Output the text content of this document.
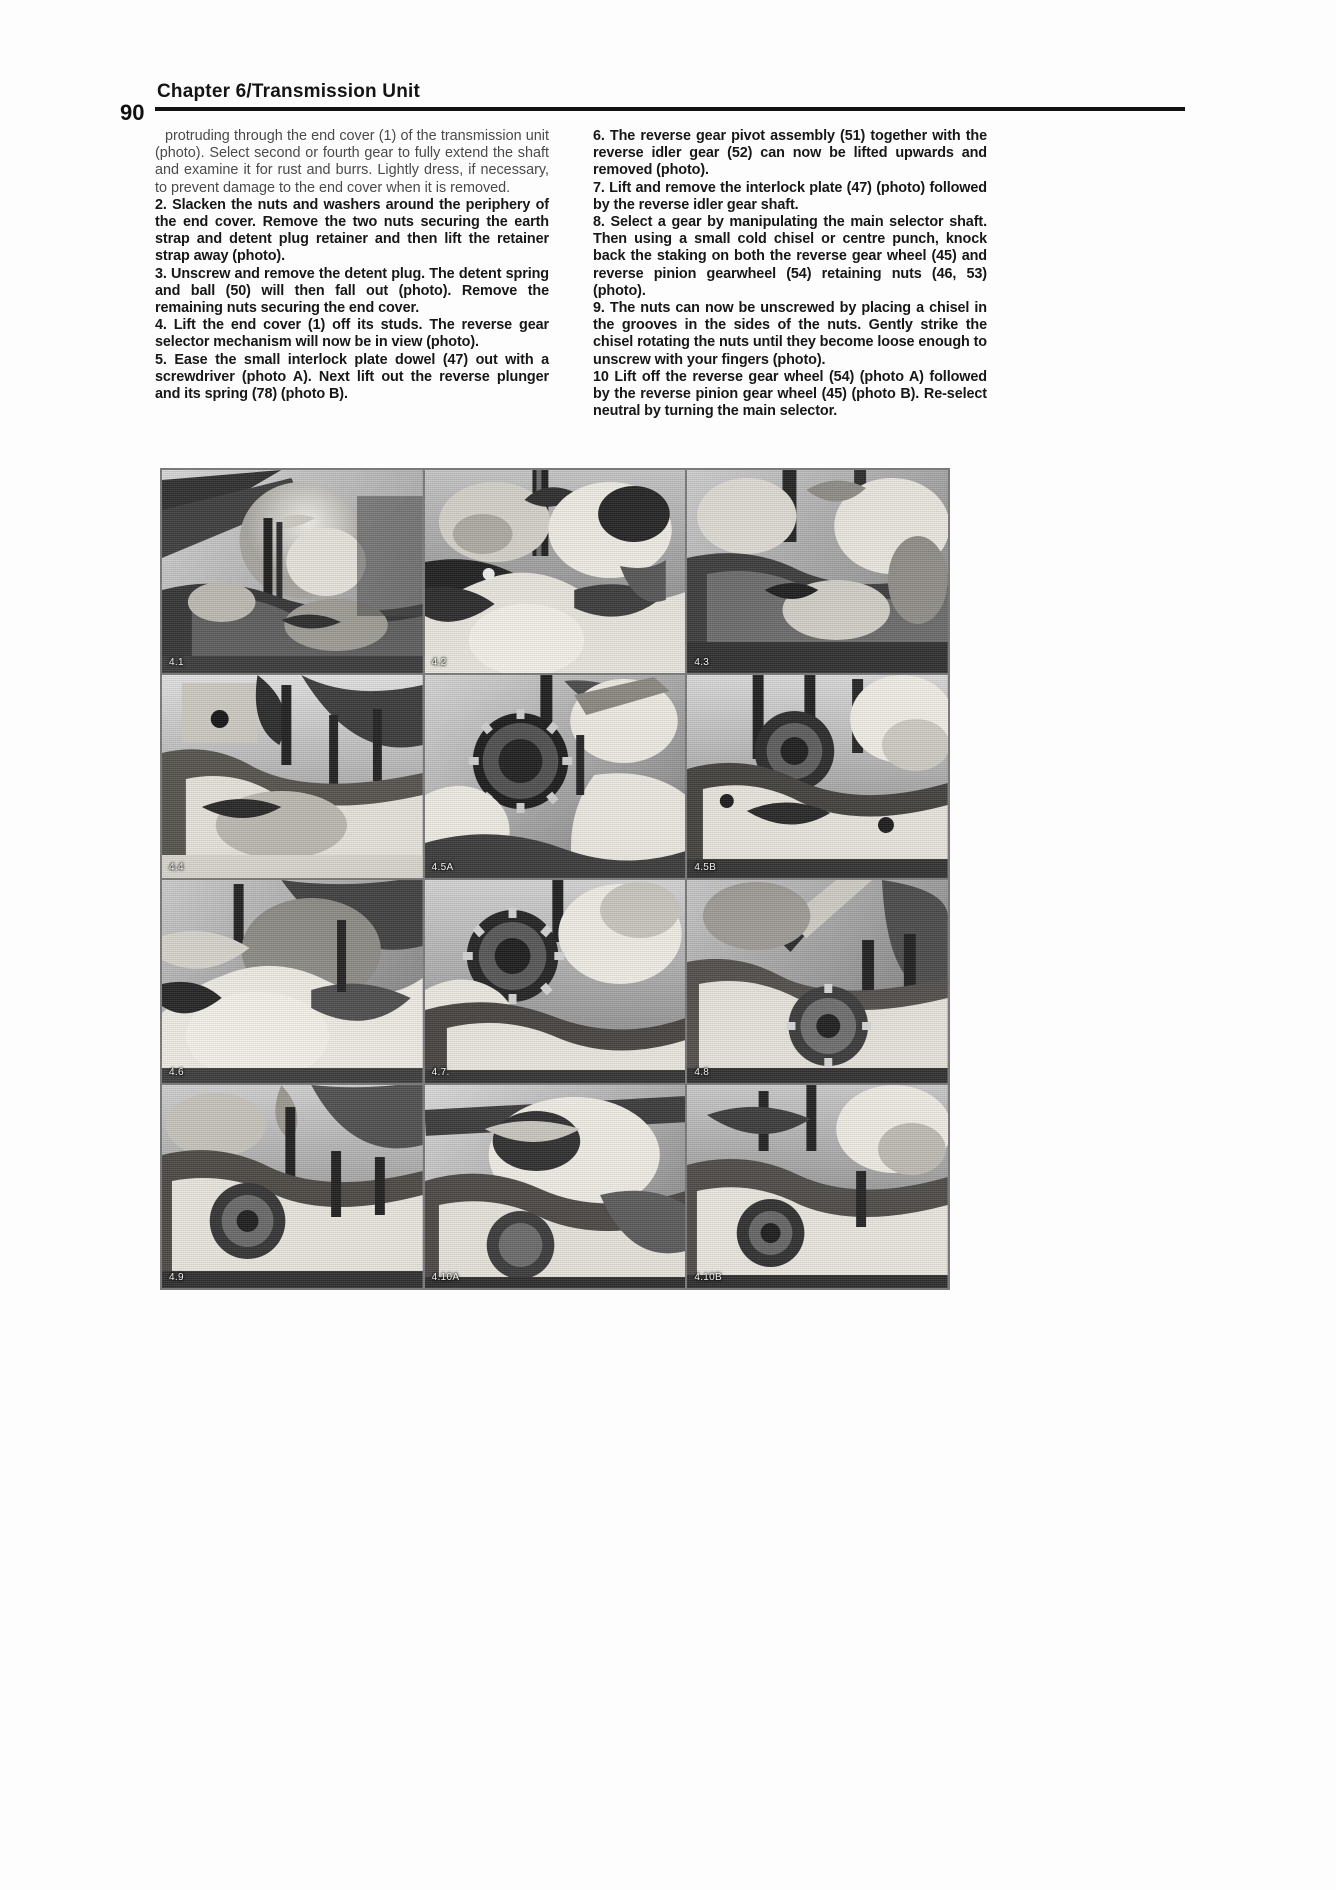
90
Chapter 6/Transmission Unit

protruding through the end cover (1) of the transmission unit (photo). Select second or fourth gear to fully extend the shaft and examine it for rust and burrs. Lightly dress, if necessary, to prevent damage to the end cover when it is removed.

2. Slacken the nuts and washers around the periphery of the end cover. Remove the two nuts securing the earth strap and detent plug retainer and then lift the retainer strap away (photo).

3. Unscrew and remove the detent plug. The detent spring and ball (50) will then fall out (photo). Remove the remaining nuts securing the end cover.

4. Lift the end cover (1) off its studs. The reverse gear selector mechanism will now be in view (photo).

5. Ease the small interlock plate dowel (47) out with a screwdriver (photo A). Next lift out the reverse plunger and its spring (78) (photo B).

6. The reverse gear pivot assembly (51) together with the reverse idler gear (52) can now be lifted upwards and removed (photo).

7. Lift and remove the interlock plate (47) (photo) followed by the reverse idler gear shaft.

8. Select a gear by manipulating the main selector shaft. Then using a small cold chisel or centre punch, knock back the staking on both the reverse gear wheel (45) and reverse pinion gearwheel (54) retaining nuts (46, 53) (photo).

9. The nuts can now be unscrewed by placing a chisel in the grooves in the sides of the nuts. Gently strike the chisel rotating the nuts until they become loose enough to unscrew with your fingers (photo).

10 Lift off the reverse gear wheel (54) (photo A) followed by the reverse pinion gear wheel (45) (photo B). Re-select neutral by turning the main selector.

4.1	4.2	4.3
4.4	4.5A	4.5B
4.6	4.7.	4.8
4.9	4.10A	4.10B
